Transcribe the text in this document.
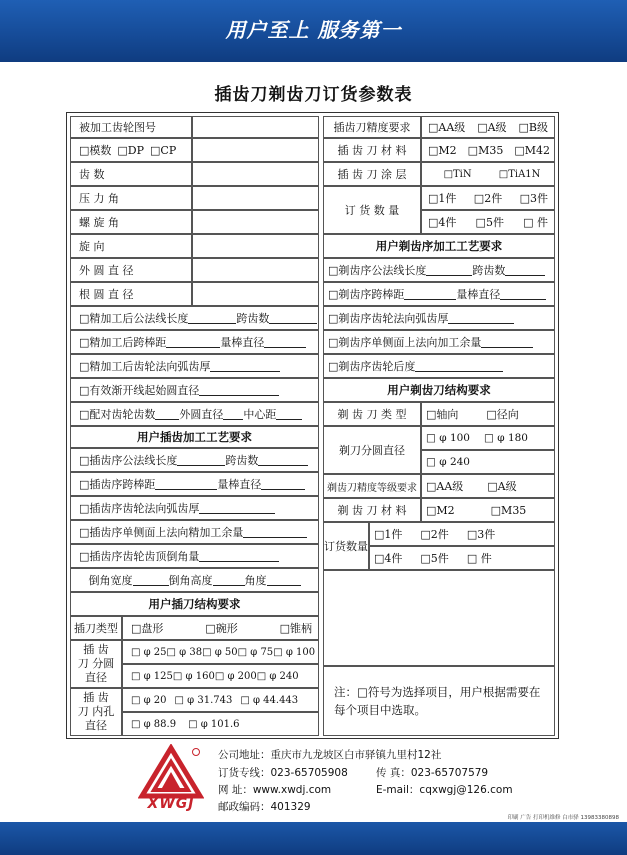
用户至上 服务第一
插齿刀剃齿刀订货参数表
被加工齿轮图号
□模数 □DP □CP
齿 数
压 力 角
螺 旋 角
旋 向
外 圆 直 径
根 圆 直 径
□精加工后公法线长度	跨齿数
□精加工后跨棒距	量棒直径
□精加工后齿轮法向弧齿厚
□有效渐开线起始圆直径
□配对齿轮齿数 外圆直径 中心距
用户插齿加工工艺要求
□插齿序公法线长度	跨齿数
□插齿序跨棒距	量棒直径
□插齿序齿轮法向弧齿厚
□插齿序单侧面上法向精加工余量
□插齿序齿轮齿顶倒角量
倒角宽度	倒角高度	角度
用户插刀结构要求
插刀类型	□盘形	□碗形	□锥柄
插 齿 刀 分圆直径
□ φ 25 □ φ 38 □ φ 50 □ φ 75 □ φ 100
□ φ 125 □ φ 160 □ φ 200 □ φ 240
插 齿 刀 内孔直径
□ φ 20 □ φ 31.743 □ φ 44.443
□ φ 88.9 □ φ 101.6
插齿刀精度要求	□AA级 □A级 □B级
插 齿 刀 材 料	□M2 □M35 □M42
插 齿 刀 涂 层	□TiN	□TiA1N
订 货 数 量
□1件 □2件 □3件
□4件 □5件 □ 件
用户剃齿序加工工艺要求
□剃齿序公法线长度	跨齿数
□剃齿序跨棒距	量棒直径
□剃齿序齿轮法向弧齿厚
□剃齿序单侧面上法向加工余量
□剃齿序齿轮后度
用户剃齿刀结构要求
剃 齿 刀 类 型	□轴向	□径向
剃刀分圆直径
□ φ 100 □ φ 180
□ φ 240
剃齿刀精度等级要求 □AA级 □A级
剃 齿 刀 材 料	□M2	□M35
订货数量
□1件 □2件 □3件
□4件 □5件 □ 件
注：□符号为选择项目，用户根据需要在每个项目中选取。
XWGJ
公司地址：重庆市九龙坡区白市驿镇九里村12社
订货专线：023-65705908	传 真：023-65707579
网 址：www.xwdj.com	E-mail：cqxwgj@126.com
邮政编码：401329
印刷 广告 打印机维修 白市驿 13983380898
